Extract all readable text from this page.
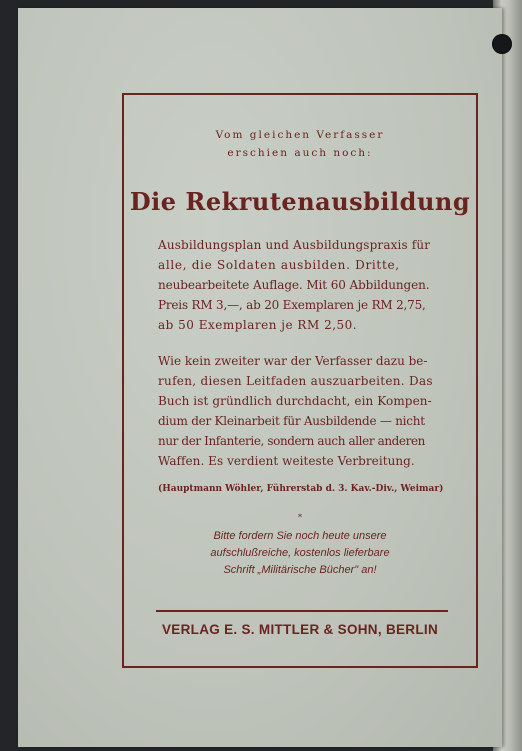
Vom gleichen Verfasser

erschien auch noch:

Die Rekrutenausbildung

Ausbildungsplan und Ausbildungspraxis für

alle, die Soldaten ausbilden. Dritte,

neubearbeitete Auflage. Mit 60 Abbildungen.

Preis RM 3,—, ab 20 Exemplaren je RM 2,75,

ab 50 Exemplaren je RM 2,50.

Wie kein zweiter war der Verfasser dazu be-

rufen, diesen Leitfaden auszuarbeiten. Das

Buch ist gründlich durchdacht, ein Kompen-

dium der Kleinarbeit für Ausbildende — nicht

nur der Infanterie, sondern auch aller anderen

Waffen. Es verdient weiteste Verbreitung.

(Hauptmann Wöhler, Führerstab d. 3. Kav.-Div., Weimar)

*

Bitte fordern Sie noch heute unsere

aufschlußreiche, kostenlos lieferbare

Schrift „Militärische Bücher" an!

VERLAG E. S. MITTLER & SOHN, BERLIN
